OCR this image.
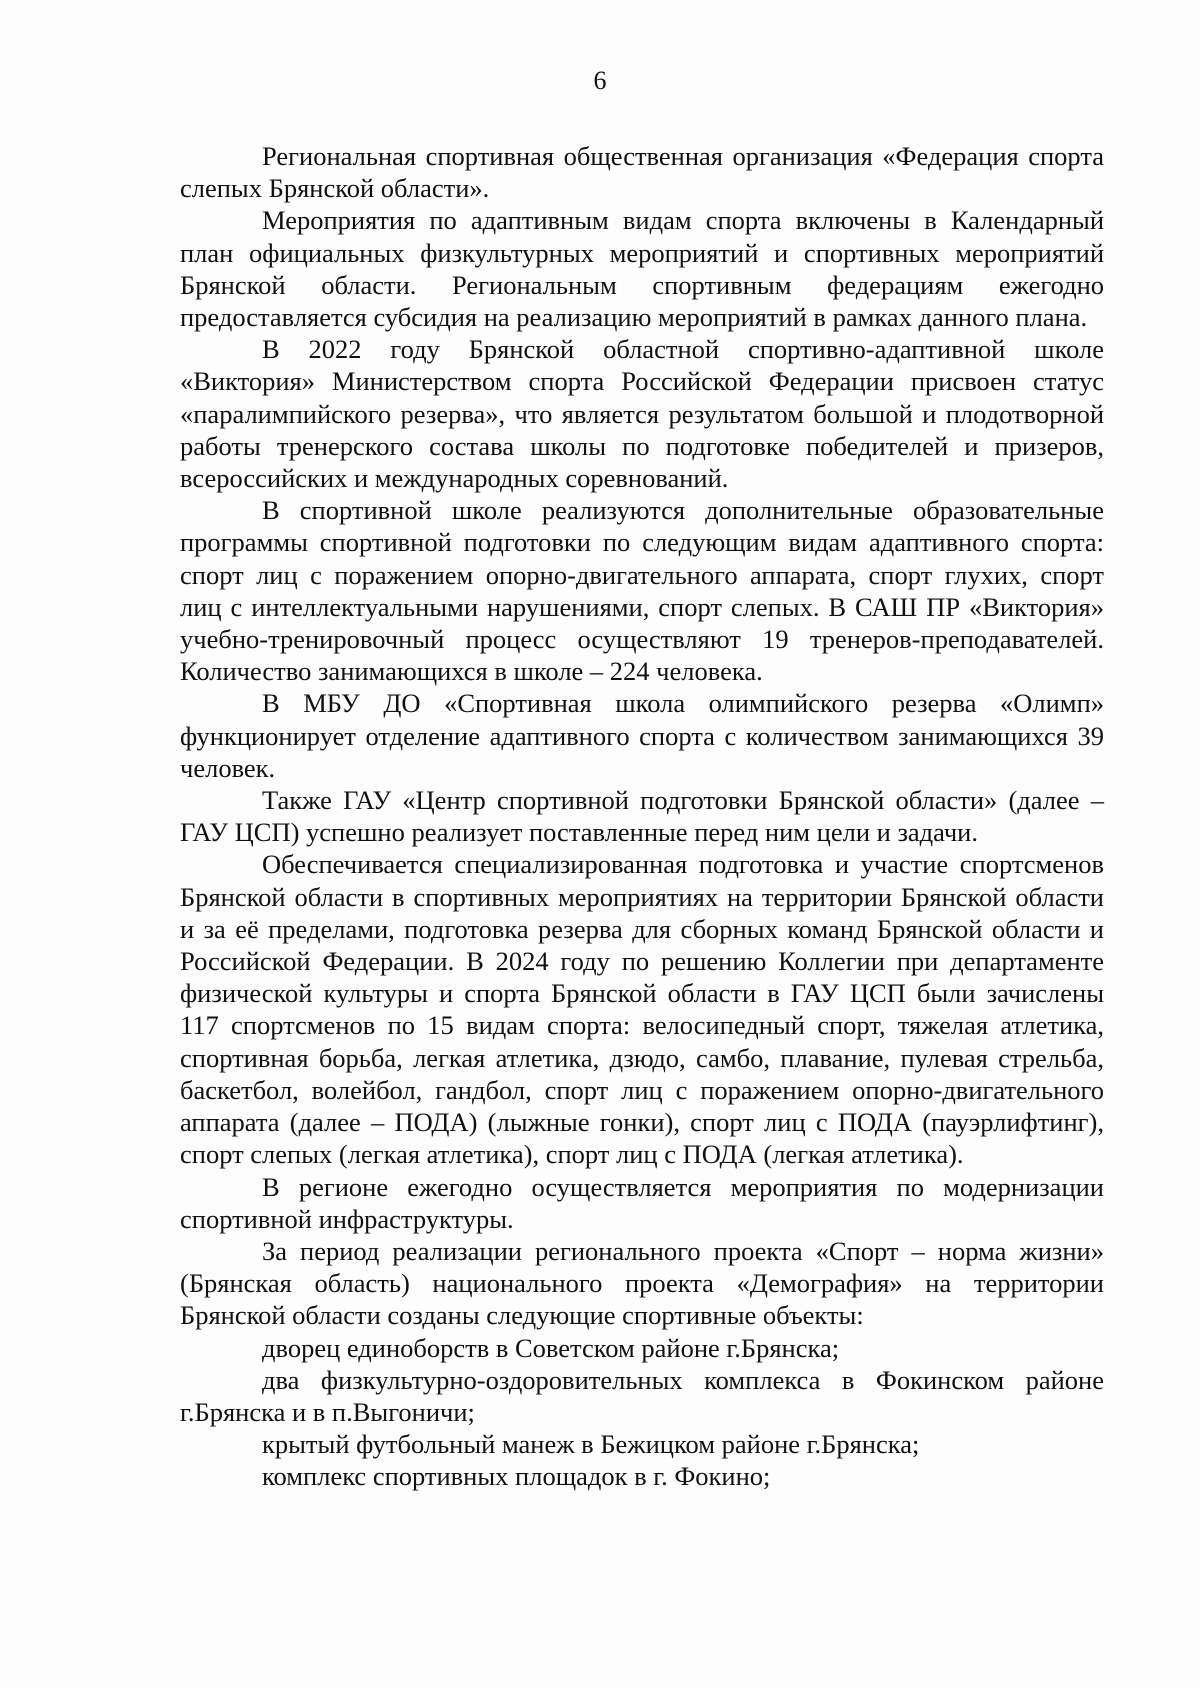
6

Региональная спортивная общественная организация «Федерация спорта слепых Брянской области».

Мероприятия по адаптивным видам спорта включены в Календарный план официальных физкультурных мероприятий и спортивных мероприятий Брянской области. Региональным спортивным федерациям ежегодно предоставляется субсидия на реализацию мероприятий в рамках данного плана.

В 2022 году Брянской областной спортивно-адаптивной школе «Виктория» Министерством спорта Российской Федерации присвоен статус «паралимпийского резерва», что является результатом большой и плодотворной работы тренерского состава школы по подготовке победителей и призеров, всероссийских и международных соревнований.

В спортивной школе реализуются дополнительные образовательные программы спортивной подготовки по следующим видам адаптивного спорта: спорт лиц с поражением опорно-двигательного аппарата, спорт глухих, спорт лиц с интеллектуальными нарушениями, спорт слепых. В САШ ПР «Виктория» учебно-тренировочный процесс осуществляют 19 тренеров-преподавателей. Количество занимающихся в школе – 224 человека.

В МБУ ДО «Спортивная школа олимпийского резерва «Олимп» функционирует отделение адаптивного спорта с количеством занимающихся 39 человек.

Также ГАУ «Центр спортивной подготовки Брянской области» (далее – ГАУ ЦСП) успешно реализует поставленные перед ним цели и задачи.

Обеспечивается специализированная подготовка и участие спортсменов Брянской области в спортивных мероприятиях на территории Брянской области и за её пределами, подготовка резерва для сборных команд Брянской области и Российской Федерации. В 2024 году по решению Коллегии при департаменте физической культуры и спорта Брянской области в ГАУ ЦСП были зачислены 117 спортсменов по 15 видам спорта: велосипедный спорт, тяжелая атлетика, спортивная борьба, легкая атлетика, дзюдо, самбо, плавание, пулевая стрельба, баскетбол, волейбол, гандбол, спорт лиц с поражением опорно-двигательного аппарата (далее – ПОДА) (лыжные гонки), спорт лиц с ПОДА (пауэрлифтинг), спорт слепых (легкая атлетика), спорт лиц с ПОДА (легкая атлетика).

В регионе ежегодно осуществляется мероприятия по модернизации спортивной инфраструктуры.

За период реализации регионального проекта «Спорт – норма жизни» (Брянская область) национального проекта «Демография» на территории Брянской области созданы следующие спортивные объекты:

дворец единоборств в Советском районе г.Брянска;

два физкультурно-оздоровительных комплекса в Фокинском районе г.Брянска и в п.Выгоничи;

крытый футбольный манеж в Бежицком районе г.Брянска;

комплекс спортивных площадок в г. Фокино;
